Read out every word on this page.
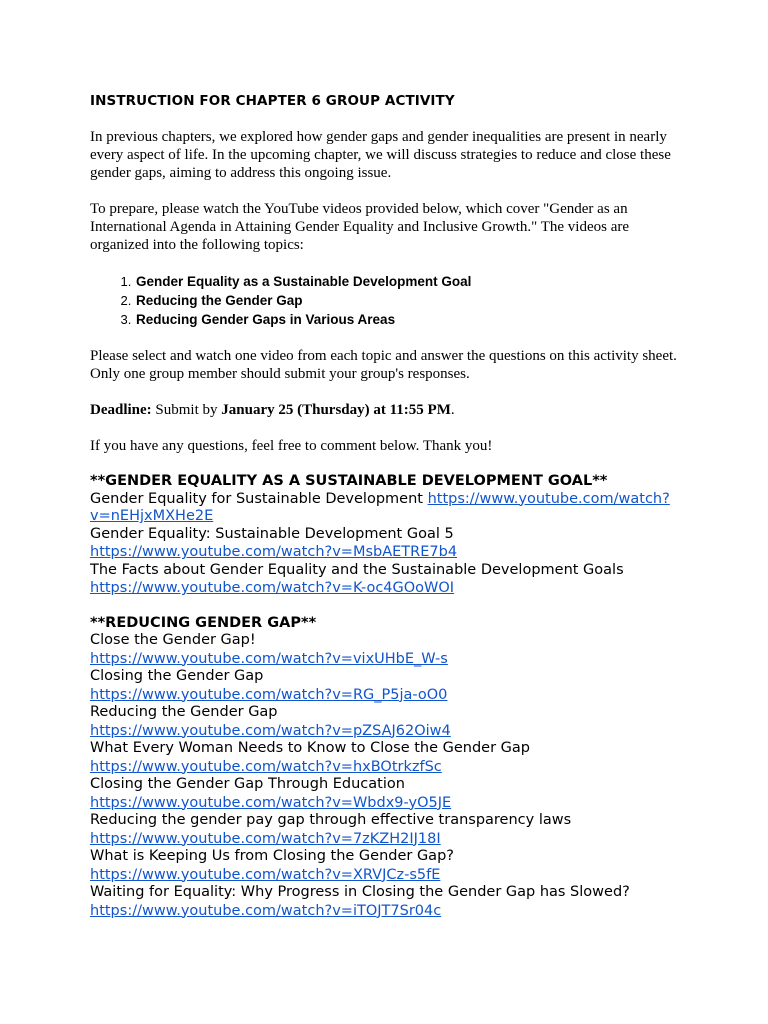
INSTRUCTION FOR CHAPTER 6 GROUP ACTIVITY

In previous chapters, we explored how gender gaps and gender inequalities are present in nearly every aspect of life. In the upcoming chapter, we will discuss strategies to reduce and close these gender gaps, aiming to address this ongoing issue.

To prepare, please watch the YouTube videos provided below, which cover "Gender as an International Agenda in Attaining Gender Equality and Inclusive Growth." The videos are organized into the following topics:

1. Gender Equality as a Sustainable Development Goal
2. Reducing the Gender Gap
3. Reducing Gender Gaps in Various Areas

Please select and watch one video from each topic and answer the questions on this activity sheet. Only one group member should submit your group's responses.

Deadline: Submit by January 25 (Thursday) at 11:55 PM.

If you have any questions, feel free to comment below. Thank you!

**GENDER EQUALITY AS A SUSTAINABLE DEVELOPMENT GOAL**
Gender Equality for Sustainable Development https://www.youtube.com/watch?
v=nEHjxMXHe2E
Gender Equality: Sustainable Development Goal 5
https://www.youtube.com/watch?v=MsbAETRE7b4
The Facts about Gender Equality and the Sustainable Development Goals
https://www.youtube.com/watch?v=K-oc4GOoWOI
**REDUCING GENDER GAP**
Close the Gender Gap!
https://www.youtube.com/watch?v=vixUHbE_W-s
Closing the Gender Gap
https://www.youtube.com/watch?v=RG_P5ja-oO0
Reducing the Gender Gap
https://www.youtube.com/watch?v=pZSAJ62Oiw4
What Every Woman Needs to Know to Close the Gender Gap
https://www.youtube.com/watch?v=hxBOtrkzfSc
Closing the Gender Gap Through Education
https://www.youtube.com/watch?v=Wbdx9-yO5JE
Reducing the gender pay gap through effective transparency laws
https://www.youtube.com/watch?v=7zKZH2IJ18I
What is Keeping Us from Closing the Gender Gap?
https://www.youtube.com/watch?v=XRVJCz-s5fE
Waiting for Equality: Why Progress in Closing the Gender Gap has Slowed?
https://www.youtube.com/watch?v=iTOJT7Sr04c
